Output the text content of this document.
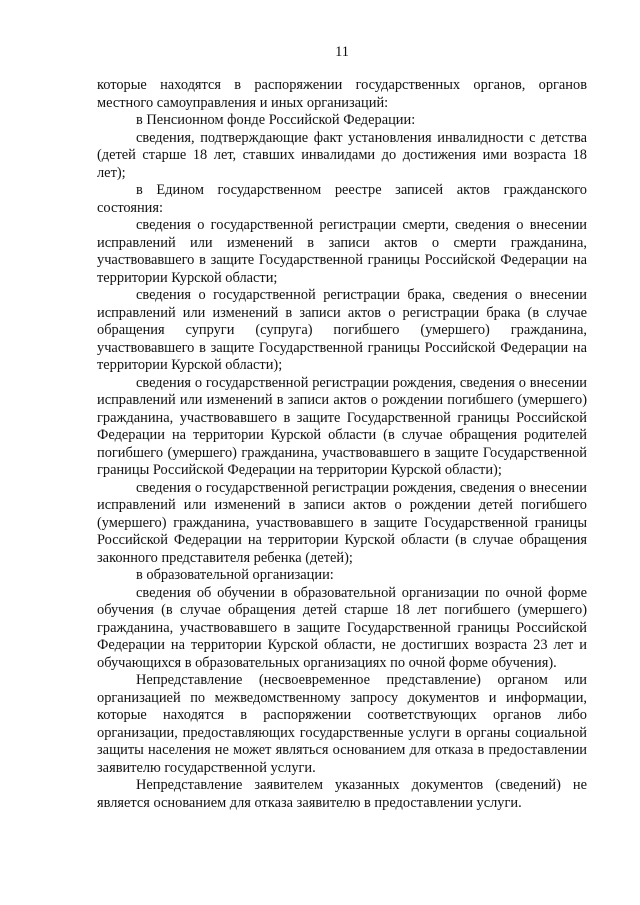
11

которые находятся в распоряжении государственных органов, органов местного самоуправления и иных организаций:

в Пенсионном фонде Российской Федерации:

сведения, подтверждающие факт установления инвалидности с детства (детей старше 18 лет, ставших инвалидами до достижения ими возраста 18 лет);

в Едином государственном реестре записей актов гражданского состояния:

сведения о государственной регистрации смерти, сведения о внесении исправлений или изменений в записи актов о смерти гражданина, участвовавшего в защите Государственной границы Российской Федерации на территории Курской области;

сведения о государственной регистрации брака, сведения о внесении исправлений или изменений в записи актов о регистрации брака (в случае обращения супруги (супруга) погибшего (умершего) гражданина, участвовавшего в защите Государственной границы Российской Федерации на территории Курской области);

сведения о государственной регистрации рождения, сведения о внесении исправлений или изменений в записи актов о рождении погибшего (умершего) гражданина, участвовавшего в защите Государственной границы Российской Федерации на территории Курской области (в случае обращения родителей погибшего (умершего) гражданина, участвовавшего в защите Государственной границы Российской Федерации на территории Курской области);

сведения о государственной регистрации рождения, сведения о внесении исправлений или изменений в записи актов о рождении детей погибшего (умершего) гражданина, участвовавшего в защите Государственной границы Российской Федерации на территории Курской области (в случае обращения законного представителя ребенка (детей);

в образовательной организации:

сведения об обучении в образовательной организации по очной форме обучения (в случае обращения детей старше 18 лет погибшего (умершего) гражданина, участвовавшего в защите Государственной границы Российской Федерации на территории Курской области, не достигших возраста 23 лет и обучающихся в образовательных организациях по очной форме обучения).

Непредставление (несвоевременное представление) органом или организацией по межведомственному запросу документов и информации, которые находятся в распоряжении соответствующих органов либо организации, предоставляющих государственные услуги в органы социальной защиты населения не может являться основанием для отказа в предоставлении заявителю государственной услуги.

Непредставление заявителем указанных документов (сведений) не является основанием для отказа заявителю в предоставлении услуги.
